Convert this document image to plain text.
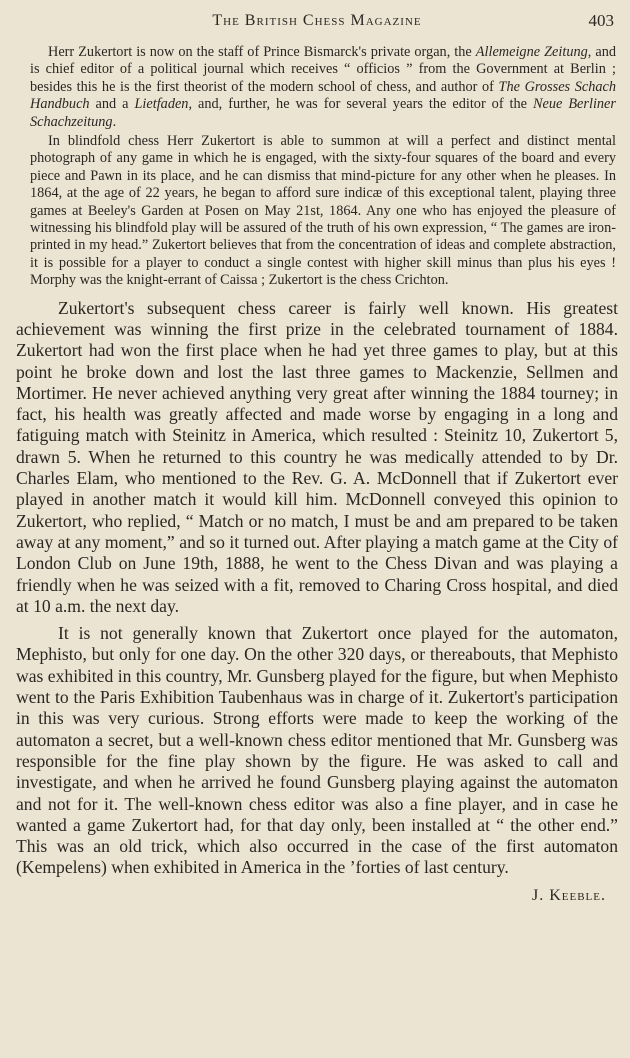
The British Chess Magazine	403

Herr Zukertort is now on the staff of Prince Bismarck's private organ, the Allemeigne Zeitung, and is chief editor of a political journal which receives “ officios ” from the Government at Berlin ; besides this he is the first theorist of the modern school of chess, and author of The Grosses Schach Handbuch and a Lietfaden, and, further, he was for several years the editor of the Neue Berliner Schachzeitung.

In blindfold chess Herr Zukertort is able to summon at will a perfect and distinct mental photograph of any game in which he is engaged, with the sixty-four squares of the board and every piece and Pawn in its place, and he can dismiss that mind-picture for any other when he pleases. In 1864, at the age of 22 years, he began to afford sure indicæ of this exceptional talent, playing three games at Beeley's Garden at Posen on May 21st, 1864. Any one who has enjoyed the pleasure of witnessing his blindfold play will be assured of the truth of his own expression, “ The games are iron-printed in my head.” Zukertort believes that from the concentration of ideas and complete abstraction, it is possible for a player to conduct a single contest with higher skill minus than plus his eyes ! Morphy was the knight-errant of Caissa ; Zukertort is the chess Crichton.

Zukertort's subsequent chess career is fairly well known. His greatest achievement was winning the first prize in the celebrated tournament of 1884. Zukertort had won the first place when he had yet three games to play, but at this point he broke down and lost the last three games to Mackenzie, Sellmen and Mortimer. He never achieved anything very great after winning the 1884 tourney; in fact, his health was greatly affected and made worse by engaging in a long and fatiguing match with Steinitz in America, which resulted : Steinitz 10, Zukertort 5, drawn 5. When he returned to this country he was medically attended to by Dr. Charles Elam, who mentioned to the Rev. G. A. McDonnell that if Zukertort ever played in another match it would kill him. McDonnell conveyed this opinion to Zukertort, who replied, “ Match or no match, I must be and am prepared to be taken away at any moment,” and so it turned out. After playing a match game at the City of London Club on June 19th, 1888, he went to the Chess Divan and was playing a friendly when he was seized with a fit, removed to Charing Cross hospital, and died at 10 a.m. the next day.

It is not generally known that Zukertort once played for the automaton, Mephisto, but only for one day. On the other 320 days, or thereabouts, that Mephisto was exhibited in this country, Mr. Gunsberg played for the figure, but when Mephisto went to the Paris Exhibition Taubenhaus was in charge of it. Zukertort's participation in this was very curious. Strong efforts were made to keep the working of the automaton a secret, but a well-known chess editor mentioned that Mr. Gunsberg was responsible for the fine play shown by the figure. He was asked to call and investigate, and when he arrived he found Gunsberg playing against the automaton and not for it. The well-known chess editor was also a fine player, and in case he wanted a game Zukertort had, for that day only, been installed at “ the other end.” This was an old trick, which also occurred in the case of the first automaton (Kempelens) when exhibited in America in the ’forties of last century.

J. Keeble.
